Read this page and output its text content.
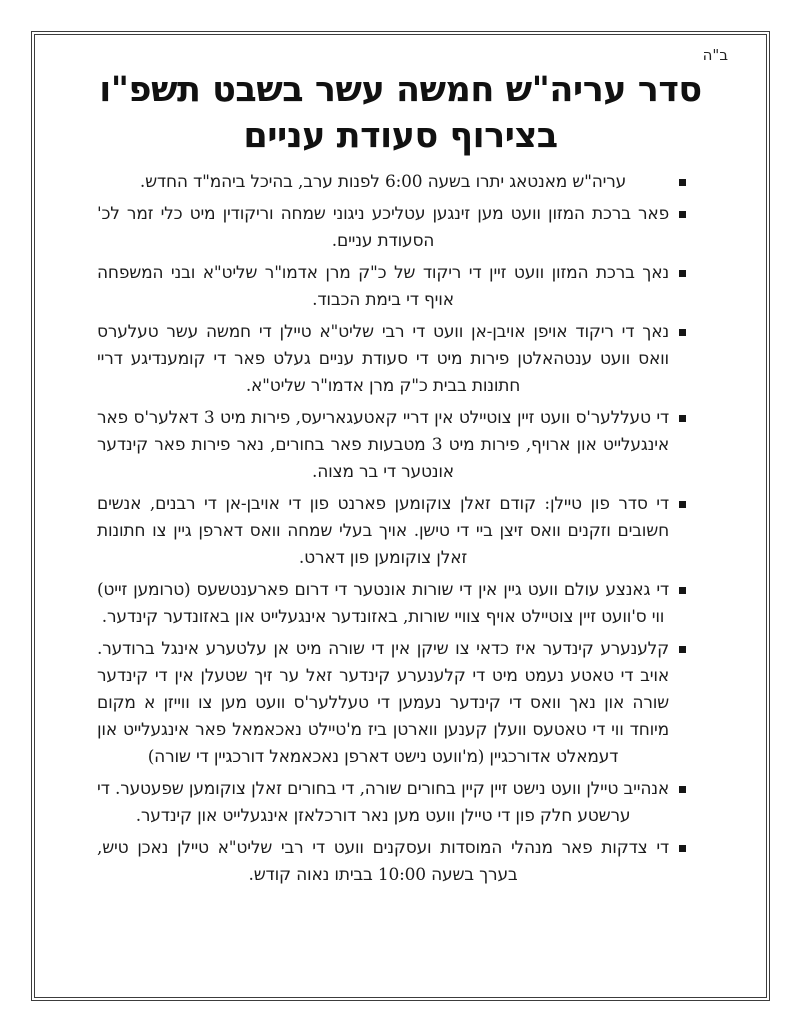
ב"ה
סדר עריה"ש חמשה עשר בשבט תשפ"ו
בצירוף סעודת עניים

עריה"ש מאנטאג יתרו בשעה 6:00 לפנות ערב, בהיכל ביהמ"ד החדש.

פאר ברכת המזון וועט מען זינגען עטליכע ניגוני שמחה וריקודין מיט כלי זמר לכ' הסעודת עניים.

נאך ברכת המזון וועט זיין די ריקוד של כ"ק מרן אדמו"ר שליט"א ובני המשפחה אויף די בימת הכבוד.

נאך די ריקוד אויפן אויבן-אן וועט די רבי שליט"א טיילן די חמשה עשר טעלערס וואס וועט ענטהאלטן פירות מיט די סעודת עניים געלט פאר די קומענדיגע דריי חתונות בבית כ"ק מרן אדמו"ר שליט"א.

די טעללער'ס וועט זיין צוטיילט אין דריי קאטעגאריעס, פירות מיט 3 דאלער'ס פאר אינגעלייט און ארויף, פירות מיט 3 מטבעות פאר בחורים, נאר פירות פאר קינדער אונטער די בר מצוה.

די סדר פון טיילן: קודם זאלן צוקומען פארנט פון די אויבן-אן די רבנים, אנשים חשובים וזקנים וואס זיצן ביי די טישן. אויך בעלי שמחה וואס דארפן גיין צו חתונות זאלן צוקומען פון דארט.

די גאנצע עולם וועט גיין אין די שורות אונטער די דרום פארענטשעס (טרומען זייט) ווי ס'וועט זיין צוטיילט אויף צוויי שורות, באזונדער אינגעלייט און באזונדער קינדער.

קלענערע קינדער איז כדאי צו שיקן אין די שורה מיט אן עלטערע אינגל ברודער. אויב די טאטע נעמט מיט די קלענערע קינדער זאל ער זיך שטעלן אין די קינדער שורה און נאך וואס די קינדער נעמען די טעללער'ס וועט מען צו ווייזן א מקום מיוחד ווי די טאטעס וועלן קענען ווארטן ביז מ'טיילט נאכאמאל פאר אינגעלייט און דעמאלט אדורכגיין (מ'וועט נישט דארפן נאכאמאל דורכגיין די שורה)

אנהייב טיילן וועט נישט זיין קיין בחורים שורה, די בחורים זאלן צוקומען שפעטער. די ערשטע חלק פון די טיילן וועט מען נאר דורכלאזן אינגעלייט און קינדער.

די צדקות פאר מנהלי המוסדות ועסקנים וועט די רבי שליט"א טיילן נאכן טיש, בערך בשעה 10:00 בביתו נאוה קודש.
